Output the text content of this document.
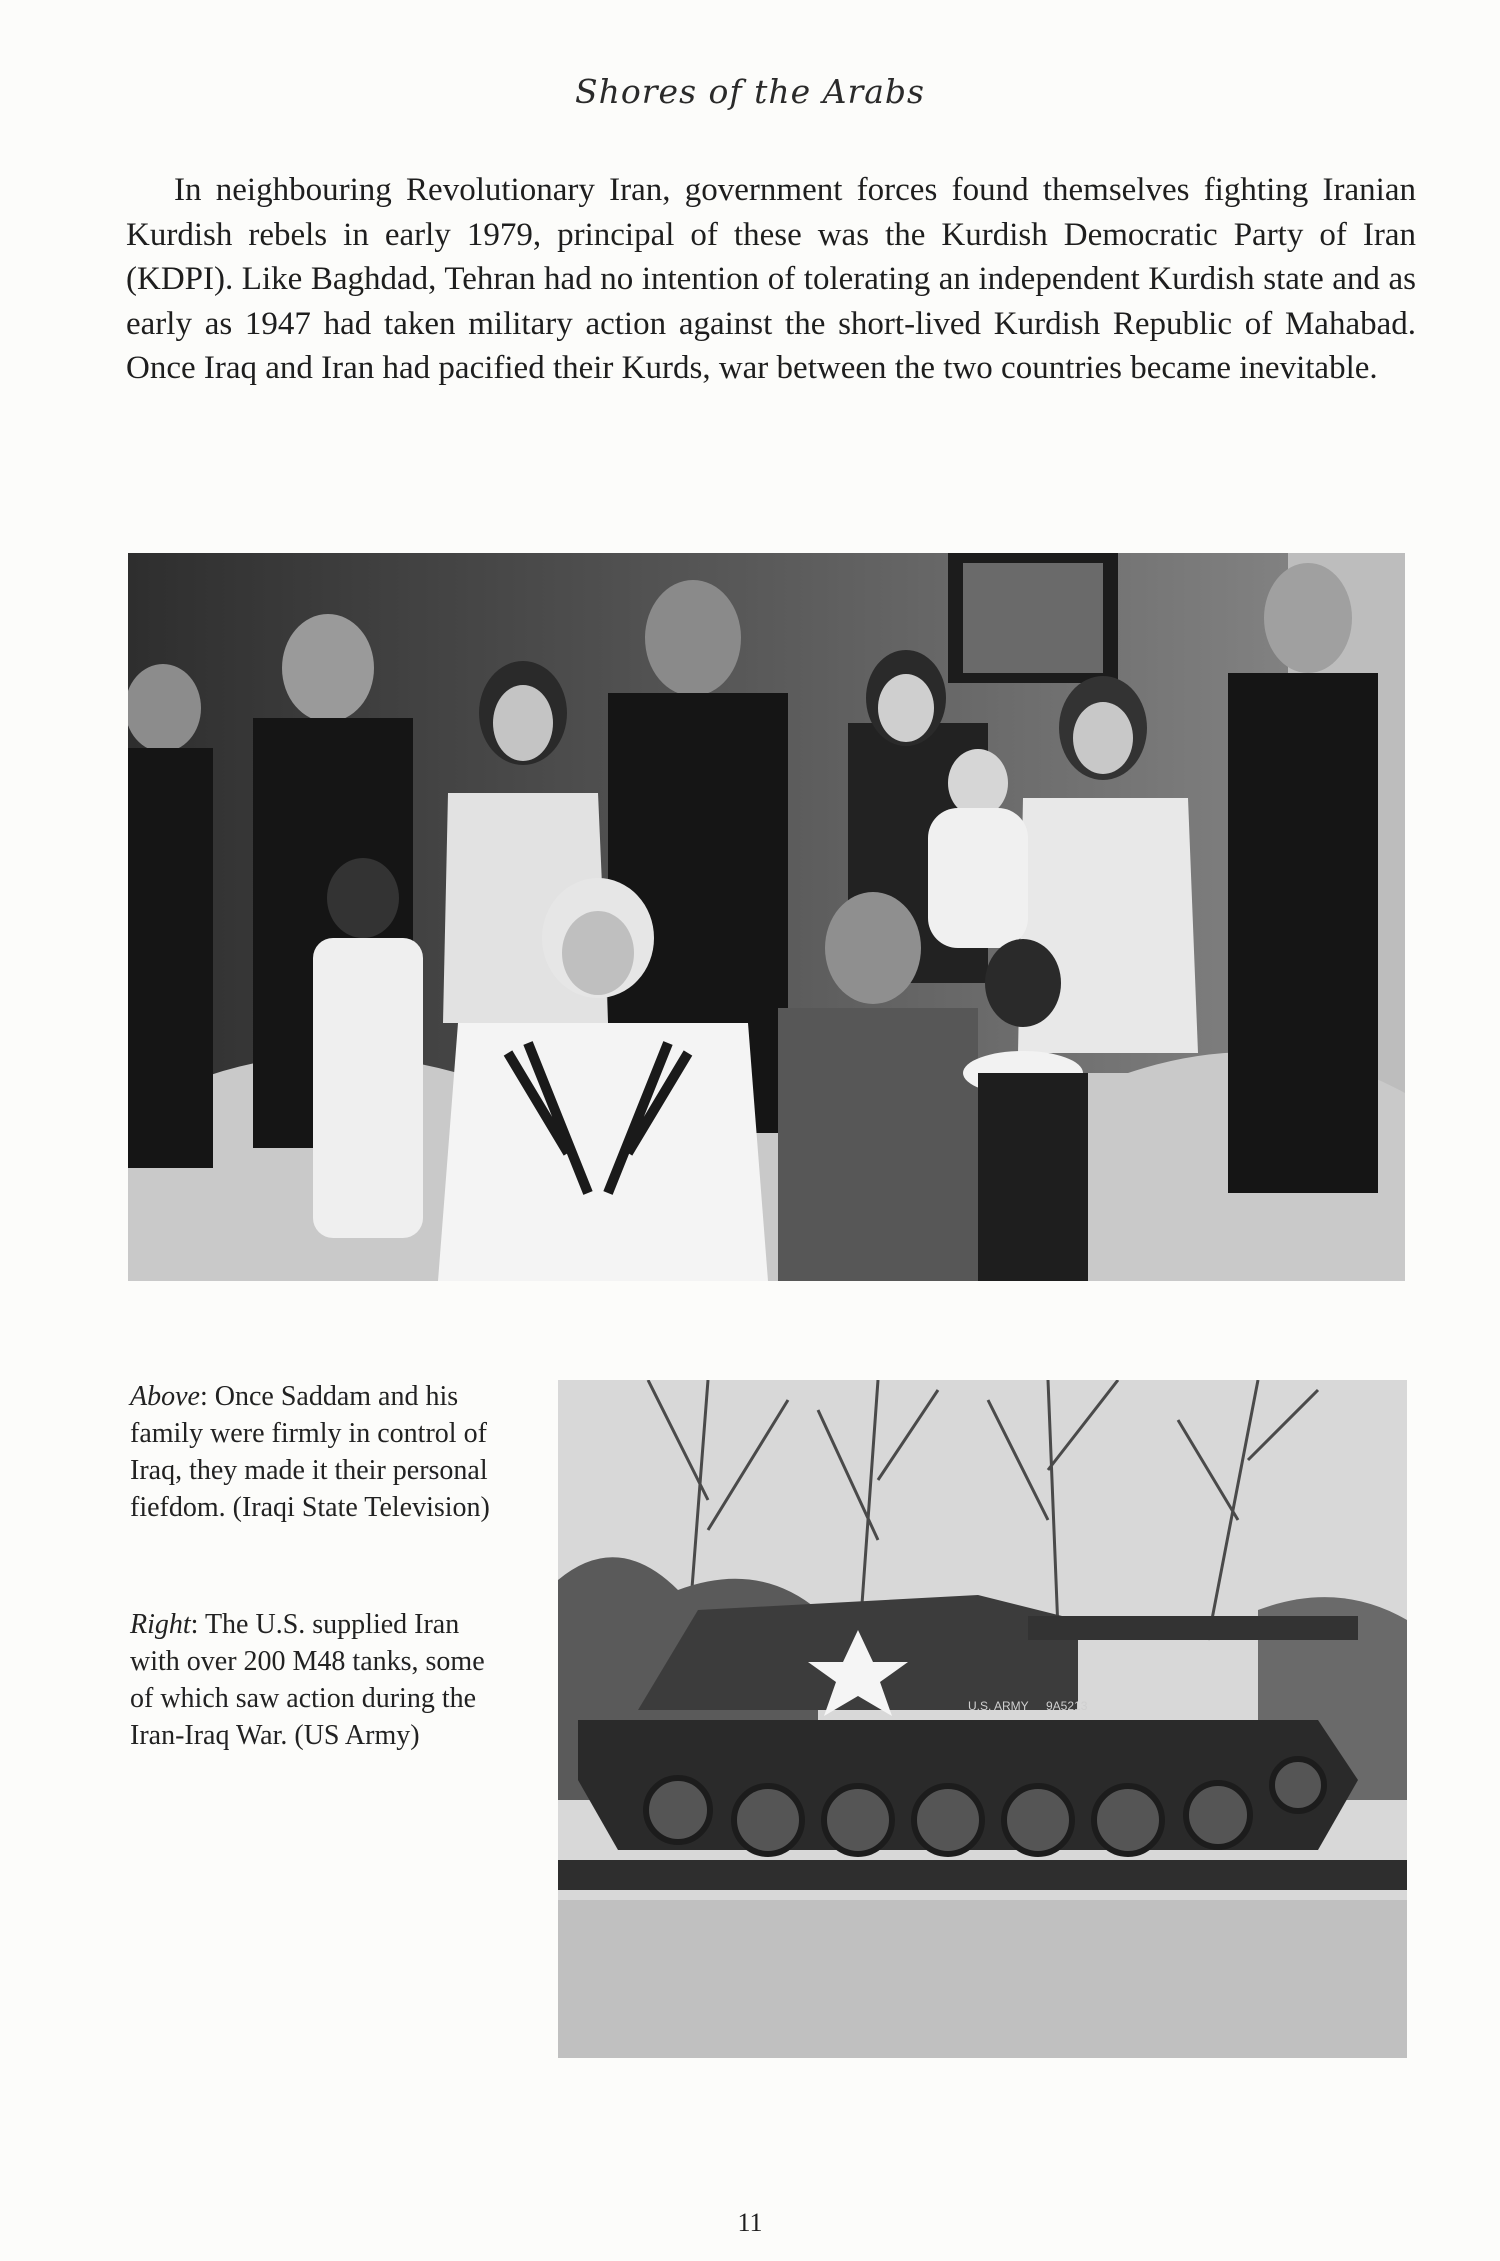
Shores of the Arabs

In neighbouring Revolutionary Iran, government forces found themselves fighting Iranian Kurdish rebels in early 1979, principal of these was the Kurdish Democratic Party of Iran (KDPI). Like Baghdad, Tehran had no intention of tolerating an independent Kurdish state and as early as 1947 had taken military action against the short-lived Kurdish Republic of Mahabad. Once Iraq and Iran had pacified their Kurds, war between the two countries became inevitable.

Above: Once Saddam and his family were firmly in control of Iraq, they made it their personal fiefdom. (Iraqi State Television)
Right: The U.S. supplied Iran with over 200 M48 tanks, some of which saw action during the Iran-Iraq War. (US Army)
U.S. ARMY 9A5213
11
